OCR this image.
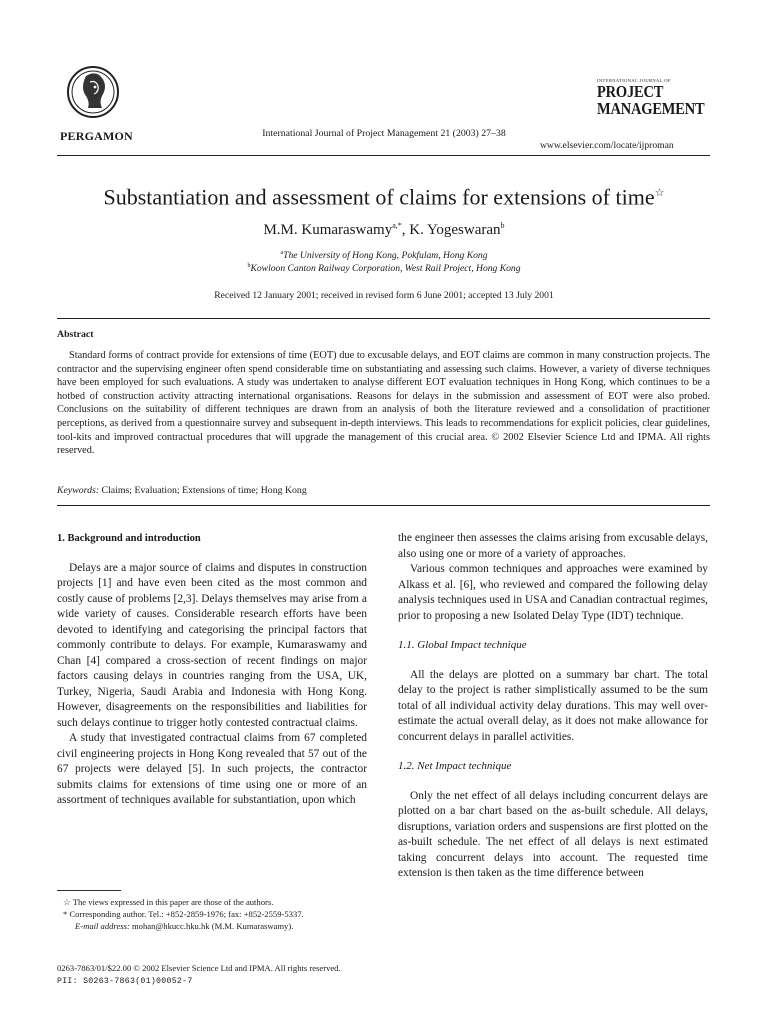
PERGAMON	International Journal of Project Management 21 (2003) 27–38
INTERNATIONAL JOURNAL OF
PROJECT
MANAGEMENT
www.elsevier.com/locate/ijproman
Substantiation and assessment of claims for extensions of time☆
M.M. Kumaraswamy$^{a,*}$, K. Yogeswaran$^b$
$^a$The University of Hong Kong, Pokfulam, Hong Kong
$^b$Kowloon Canton Railway Corporation, West Rail Project, Hong Kong
Received 12 January 2001; received in revised form 6 June 2001; accepted 13 July 2001
Abstract
Standard forms of contract provide for extensions of time (EOT) due to excusable delays, and EOT claims are common in many construction projects. The contractor and the supervising engineer often spend considerable time on substantiating and assessing such claims. However, a variety of diverse techniques have been employed for such evaluations. A study was undertaken to analyse different EOT evaluation techniques in Hong Kong, which continues to be a hotbed of construction activity attracting international organisations. Reasons for delays in the submission and assessment of EOT were also probed. Conclusions on the suitability of different techniques are drawn from an analysis of both the literature reviewed and a consolidation of practitioner perceptions, as derived from a questionnaire survey and subsequent in-depth interviews. This leads to recommendations for explicit policies, clear guidelines, tool-kits and improved contractual procedures that will upgrade the management of this crucial area. © 2002 Elsevier Science Ltd and IPMA. All rights reserved.
Keywords: Claims; Evaluation; Extensions of time; Hong Kong
1. Background and introduction

Delays are a major source of claims and disputes in construction projects [1] and have even been cited as the most common and costly cause of problems [2,3]. Delays themselves may arise from a wide variety of causes. Considerable research efforts have been devoted to identifying and categorising the principal factors that commonly contribute to delays. For example, Kumaraswamy and Chan [4] compared a cross-section of recent findings on major factors causing delays in countries ranging from the USA, UK, Turkey, Nigeria, Saudi Arabia and Indonesia with Hong Kong. However, disagreements on the responsibilities and liabilities for such delays continue to trigger hotly contested contractual claims.

A study that investigated contractual claims from 67 completed civil engineering projects in Hong Kong revealed that 57 out of the 67 projects were delayed [5]. In such projects, the contractor submits claims for extensions of time using one or more of an assortment of techniques available for substantiation, upon which

the engineer then assesses the claims arising from excusable delays, also using one or more of a variety of approaches.

Various common techniques and approaches were examined by Alkass et al. [6], who reviewed and compared the following delay analysis techniques used in USA and Canadian contractual regimes, prior to proposing a new Isolated Delay Type (IDT) technique.

1.1. Global Impact technique

All the delays are plotted on a summary bar chart. The total delay to the project is rather simplistically assumed to be the sum total of all individual activity delay durations. This may well over-estimate the actual overall delay, as it does not make allowance for concurrent delays in parallel activities.

1.2. Net Impact technique

Only the net effect of all delays including concurrent delays are plotted on a bar chart based on the as-built schedule. All delays, disruptions, variation orders and suspensions are first plotted on the as-built schedule. The net effect of all delays is next estimated taking concurrent delays into account. The requested time extension is then taken as the time difference between

☆ The views expressed in this paper are those of the authors.
* Corresponding author. Tel.: +852-2859-1976; fax: +852-2559-5337.
E-mail address: mohan@hkucc.hku.hk (M.M. Kumaraswamy).
0263-7863/01/$22.00 © 2002 Elsevier Science Ltd and IPMA. All rights reserved.
PII: S0263-7863(01)00052-7
